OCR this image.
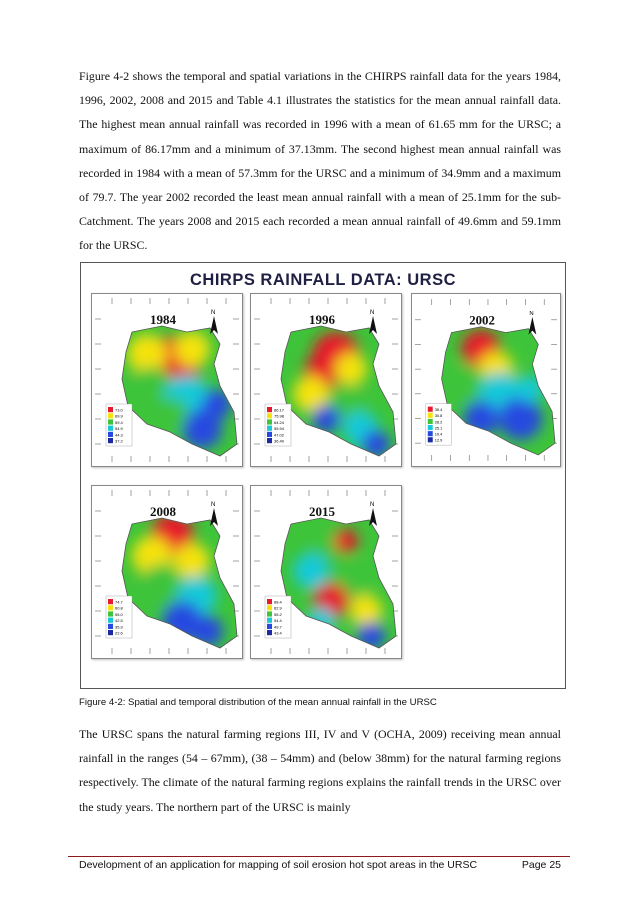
Figure 4-2 shows the temporal and spatial variations in the CHIRPS rainfall data for the years 1984, 1996, 2002, 2008 and 2015 and Table 4.1 illustrates the statistics for the mean annual rainfall data. The highest mean annual rainfall was recorded in 1996 with a mean of 61.65 mm for the URSC; a maximum of 86.17mm and a minimum of 37.13mm. The second highest mean annual rainfall was recorded in 1984 with a mean of 57.3mm for the URSC and a minimum of 34.9mm and a maximum of 79.7. The year 2002 recorded the least mean annual rainfall with a mean of 25.1mm for the sub-Catchment. The years 2008 and 2015 each recorded a mean annual rainfall of 49.6mm and 59.1mm for the URSC.
CHIRPS RAINFALL DATA: URSC
1984	N
73.0
69.9
59.4
54.9
44.3
37.2
1996	N
86.17
75.98
64.24
55.94
47.02
36.40
2002	N
35.4
30.8
28.2
25.1
19.4
12.9
2008	N
74.7
60.8
55.0
42.5
35.9
22.6
2015	N
68.4
62.9
55.2
54.4
49.7
43.4
Figure 4-2: Spatial and temporal distribution of the mean annual rainfall in the URSC
The URSC spans the natural farming regions III, IV and V (OCHA, 2009) receiving mean annual rainfall in the ranges (54 – 67mm), (38 – 54mm) and (below 38mm) for the natural farming regions respectively. The climate of the natural farming regions explains the rainfall trends in the URSC over the study years. The northern part of the URSC is mainly
Development of an application for mapping of soil erosion hot spot areas in the URSC	Page 25
